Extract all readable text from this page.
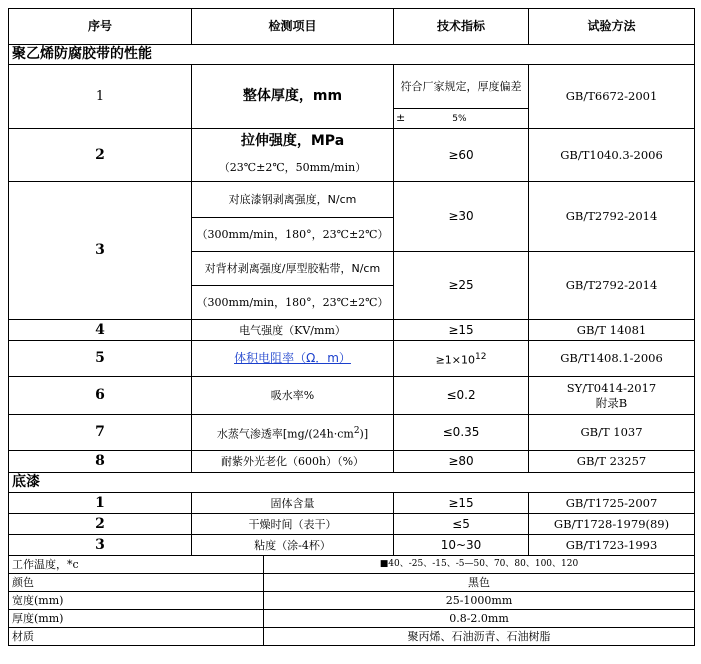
序号	检测项目		技术指标	试验方法
聚乙烯防腐胶带的性能				
1	整体厚度，mm		符合厂家规定，厚度偏差	GB/T6672-2001
			± 5%	
2	拉伸强度，MPa		≥60	GB/T1040.3-2006
	（23℃±2℃，50mm/min）			
3	对底漆钢剥离强度，N/cm		≥30	GB/T2792-2014
	（300mm/min，180°，23℃±2℃）			
	对背材剥离强度/厚型胶粘带，N/cm		≥25	GB/T2792-2014
	（300mm/min，180°，23℃±2℃）			
4	电气强度（KV/mm）		≥15	GB/T 14081
5	体积电阻率（Ω．m）		$\ge 1\times 10^{12}$	GB/T1408.1-2006
6	吸水率%		≤0.2	SY/T0414-2017
附录B

7	水蒸气渗透率$[mg/(24h\cdot cm^2)]$		≤0.35	GB/T 1037
8	耐紫外光老化（600h）（%）		≥80	GB/T 23257
底漆				
1	固体含量		≥15	GB/T1725-2007
2	干燥时间（表干）		≤5	GB/T1728-1979(89)
3	粘度（涂-4杯）		10~30	GB/T1723-1993
工作温度，*c		■40、-25、-15、-5—50、70、80、100、120		
颜色		黑色		
宽度(mm)		25-1000mm		
厚度(mm)		0.8-2.0mm		
材质		聚丙烯、石油沥青、石油树脂		
